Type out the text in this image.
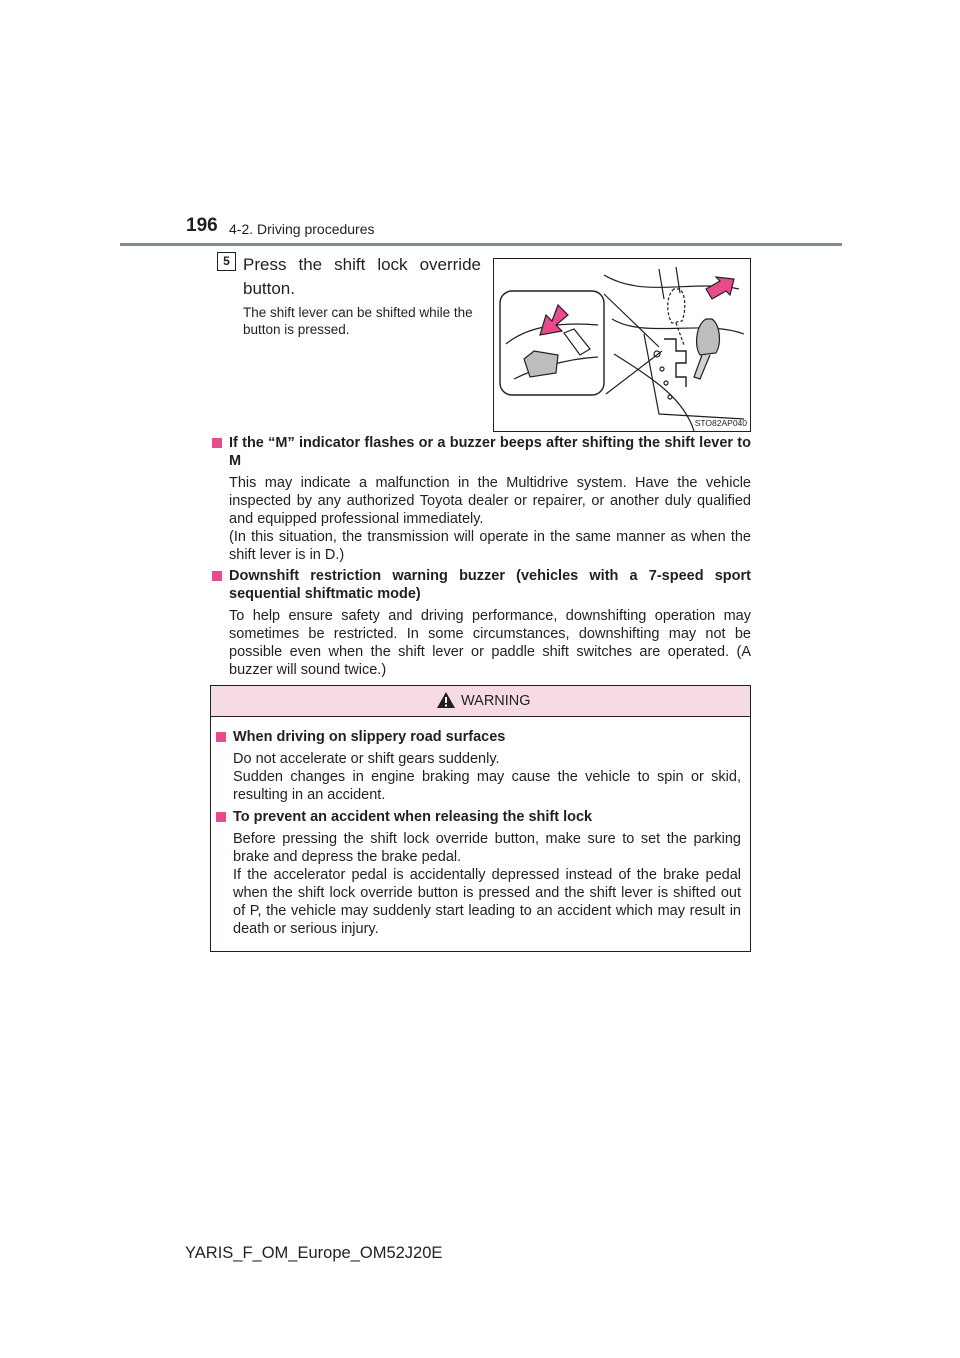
196 4-2. Driving procedures
5 Press the shift lock override button.
The shift lever can be shifted while the button is pressed.
STO82AP040
If the “M” indicator flashes or a buzzer beeps after shifting the shift lever to M
This may indicate a malfunction in the Multidrive system. Have the vehicle inspected by any authorized Toyota dealer or repairer, or another duly qualified and equipped professional immediately.
(In this situation, the transmission will operate in the same manner as when the shift lever is in D.)
Downshift restriction warning buzzer (vehicles with a 7-speed sport sequential shiftmatic mode)
To help ensure safety and driving performance, downshifting operation may sometimes be restricted. In some circumstances, downshifting may not be possible even when the shift lever or paddle shift switches are operated. (A buzzer will sound twice.)
WARNING
When driving on slippery road surfaces
Do not accelerate or shift gears suddenly.
Sudden changes in engine braking may cause the vehicle to spin or skid, resulting in an accident.
To prevent an accident when releasing the shift lock
Before pressing the shift lock override button, make sure to set the parking brake and depress the brake pedal.
If the accelerator pedal is accidentally depressed instead of the brake pedal when the shift lock override button is pressed and the shift lever is shifted out of P, the vehicle may suddenly start leading to an accident which may result in death or serious injury.
YARIS_F_OM_Europe_OM52J20E
